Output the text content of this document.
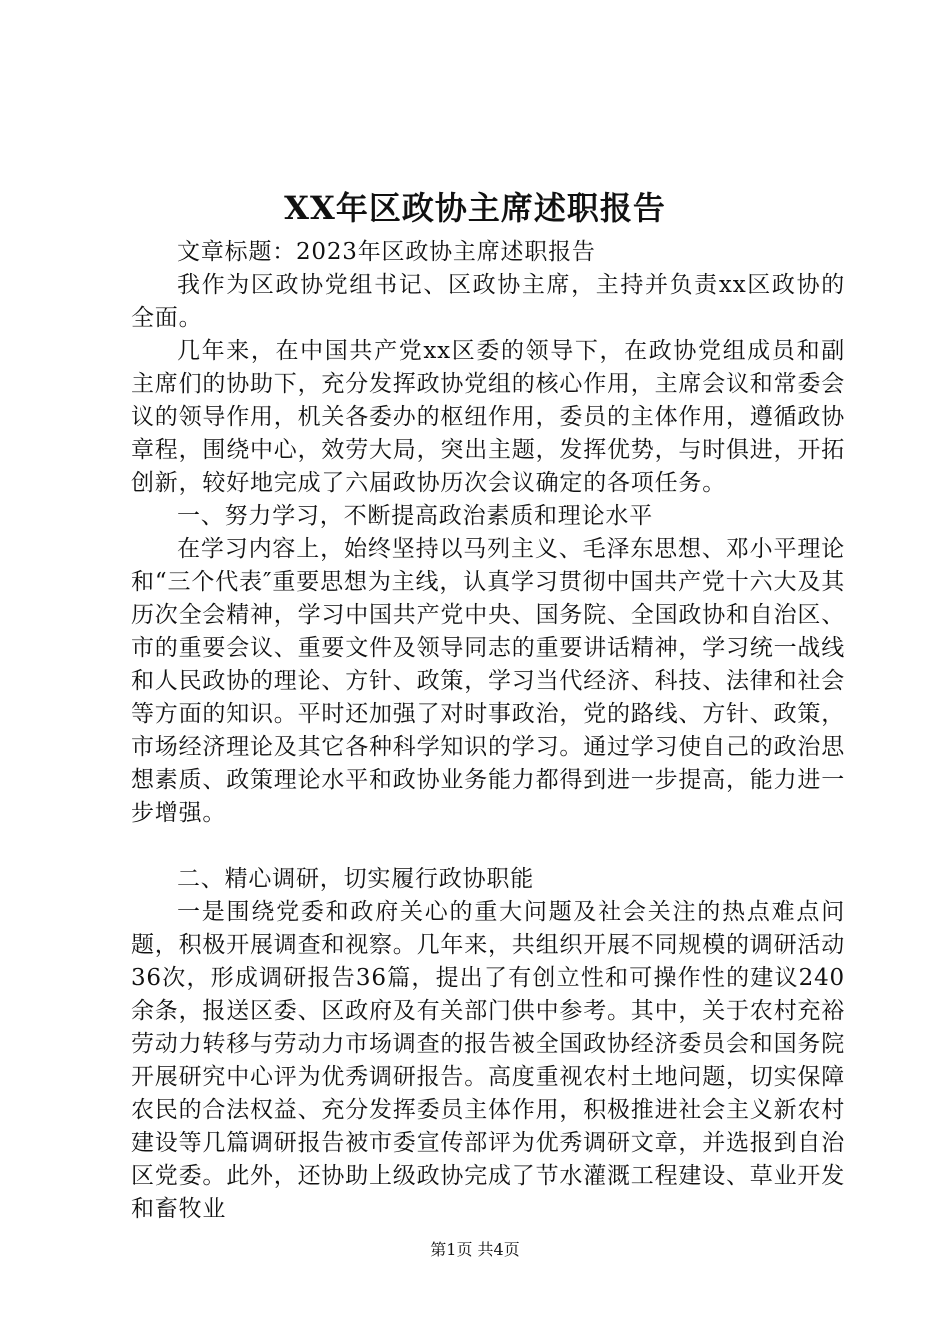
XX年区政协主席述职报告

文章标题：2023年区政协主席述职报告

我作为区政协党组书记、区政协主席，主持并负责xx区政协的全面。

几年来，在中国共产党xx区委的领导下，在政协党组成员和副主席们的协助下，充分发挥政协党组的核心作用，主席会议和常委会议的领导作用，机关各委办的枢纽作用，委员的主体作用，遵循政协章程，围绕中心，效劳大局，突出主题，发挥优势，与时俱进，开拓创新，较好地完成了六届政协历次会议确定的各项任务。

一、努力学习，不断提高政治素质和理论水平

在学习内容上，始终坚持以马列主义、毛泽东思想、邓小平理论和“三个代表″重要思想为主线，认真学习贯彻中国共产党十六大及其历次全会精神，学习中国共产党中央、国务院、全国政协和自治区、市的重要会议、重要文件及领导同志的重要讲话精神，学习统一战线和人民政协的理论、方针、政策，学习当代经济、科技、法律和社会等方面的知识。平时还加强了对时事政治，党的路线、方针、政策，市场经济理论及其它各种科学知识的学习。通过学习使自己的政治思想素质、政策理论水平和政协业务能力都得到进一步提高，能力进一步增强。

二、精心调研，切实履行政协职能

一是围绕党委和政府关心的重大问题及社会关注的热点难点问题，积极开展调查和视察。几年来，共组织开展不同规模的调研活动36次，形成调研报告36篇，提出了有创立性和可操作性的建议240余条，报送区委、区政府及有关部门供中参考。其中，关于农村充裕劳动力转移与劳动力市场调查的报告被全国政协经济委员会和国务院开展研究中心评为优秀调研报告。高度重视农村土地问题，切实保障农民的合法权益、充分发挥委员主体作用，积极推进社会主义新农村建设等几篇调研报告被市委宣传部评为优秀调研文章，并选报到自治区党委。此外，还协助上级政协完成了节水灌溉工程建设、草业开发和畜牧业

第1页 共4页
